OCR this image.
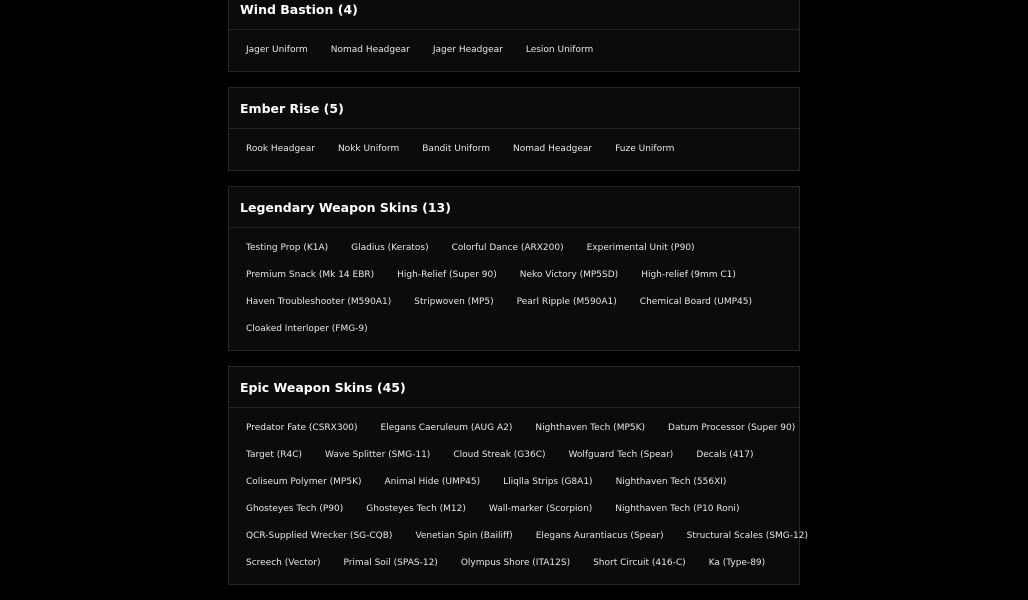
Wind Bastion (4)
Jager Uniform	Nomad Headgear	Jager Headgear	Lesion Uniform
Ember Rise (5)
Rook Headgear	Nokk Uniform	Bandit Uniform	Nomad Headgear	Fuze Uniform
Legendary Weapon Skins (13)
Testing Prop (K1A)	Gladius (Keratos)	Colorful Dance (ARX200)	Experimental Unit (P90)
Premium Snack (Mk 14 EBR)	High-Relief (Super 90)	Neko Victory (MP5SD)	High-relief (9mm C1)
Haven Troubleshooter (M590A1)	Stripwoven (MP5)	Pearl Ripple (M590A1)	Chemical Board (UMP45)
Cloaked Interloper (FMG-9)
Epic Weapon Skins (45)
Predator Fate (CSRX300)	Elegans Caeruleum (AUG A2)	Nighthaven Tech (MP5K)	Datum Processor (Super 90)
Target (R4C)	Wave Splitter (SMG-11)	Cloud Streak (G36C)	Wolfguard Tech (Spear)	Decals (417)
Coliseum Polymer (MP5K)	Animal Hide (UMP45)	Lliqlla Strips (G8A1)	Nighthaven Tech (556XI)
Ghosteyes Tech (P90)	Ghosteyes Tech (M12)	Wall-marker (Scorpion)	Nighthaven Tech (P10 Roni)
QCR-Supplied Wrecker (SG-CQB)	Venetian Spin (Bailiff)	Elegans Aurantiacus (Spear)	Structural Scales (SMG-12)
Screech (Vector)	Primal Soil (SPAS-12)	Olympus Shore (ITA12S)	Short Circuit (416-C)	Ka (Type-89)
